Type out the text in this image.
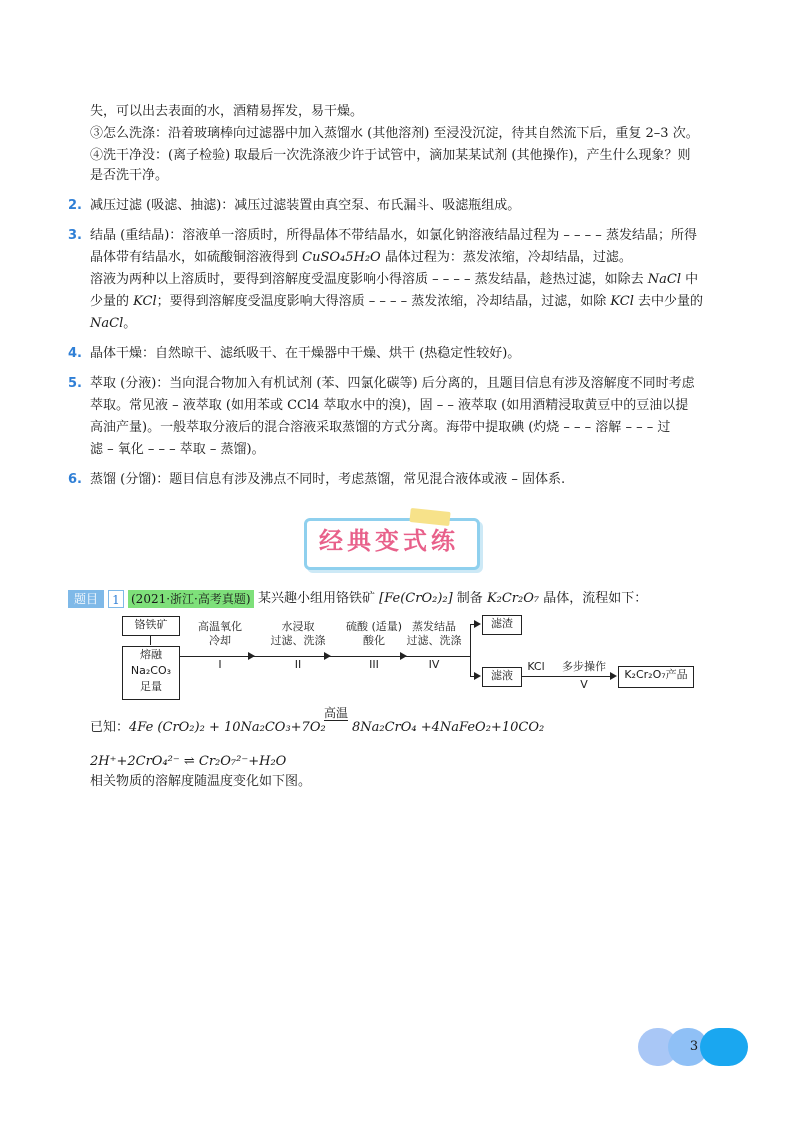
失，可以出去表面的水，酒精易挥发，易干燥。
③怎么洗涤：沿着玻璃棒向过滤器中加入蒸馏水 (其他溶剂) 至浸没沉淀，待其自然流下后，重复 2–3 次。
④洗干净没：(离子检验) 取最后一次洗涤液少许于试管中，滴加某某试剂 (其他操作)，产生什么现象？则
是否洗干净。
2. 减压过滤 (吸滤、抽滤)：减压过滤装置由真空泵、布氏漏斗、吸滤瓶组成。
3. 结晶 (重结晶)：溶液单一溶质时，所得晶体不带结晶水，如氯化钠溶液结晶过程为 – – – – 蒸发结晶；所得
晶体带有结晶水，如硫酸铜溶液得到 CuSO₄5H₂O 晶体过程为：蒸发浓缩，冷却结晶，过滤。
溶液为两种以上溶质时，要得到溶解度受温度影响小得溶质 – – – – 蒸发结晶，趁热过滤，如除去 NaCl 中
少量的 KCl；要得到溶解度受温度影响大得溶质 – – – – 蒸发浓缩，冷却结晶，过滤，如除 KCl 去中少量的
NaCl。
4. 晶体干燥：自然晾干、滤纸吸干、在干燥器中干燥、烘干 (热稳定性较好)。
5. 萃取 (分液)：当向混合物加入有机试剂 (苯、四氯化碳等) 后分离的，且题目信息有涉及溶解度不同时考虑
萃取。常见液 – 液萃取 (如用苯或 CCl4 萃取水中的溴)，固 – – 液萃取 (如用酒精浸取黄豆中的豆油以提
高油产量)。一般萃取分液后的混合溶液采取蒸馏的方式分离。海带中提取碘 (灼烧 – – – 溶解 – – – 过
滤 – 氧化 – – – 萃取 – 蒸馏)。
6. 蒸馏 (分馏)：题目信息有涉及沸点不同时，考虑蒸馏，常见混合液体或液 – 固体系.
经典变式练
题目	1 (2021·浙江·高考真题) 某兴趣小组用铬铁矿 [Fe(CrO₂)₂] 制备 K₂Cr₂O₇ 晶体，流程如下：
铬铁矿
熔融
Na₂CO₃
足量
高温氧化
冷却
I
水浸取
过滤、洗涤
II
硫酸 (适量)
酸化
III
蒸发结晶
过滤、洗涤
IV
滤渣
滤液
KCl	多步操作
V
K₂Cr₂O₇产品
已知：4Fe (CrO₂)₂ + 10Na₂CO₃+7O₂
高温
8Na₂CrO₄ +4NaFeO₂+10CO₂
2H⁺+2CrO₄²⁻ ⇌ Cr₂O₇²⁻+H₂O
相关物质的溶解度随温度变化如下图。
3
